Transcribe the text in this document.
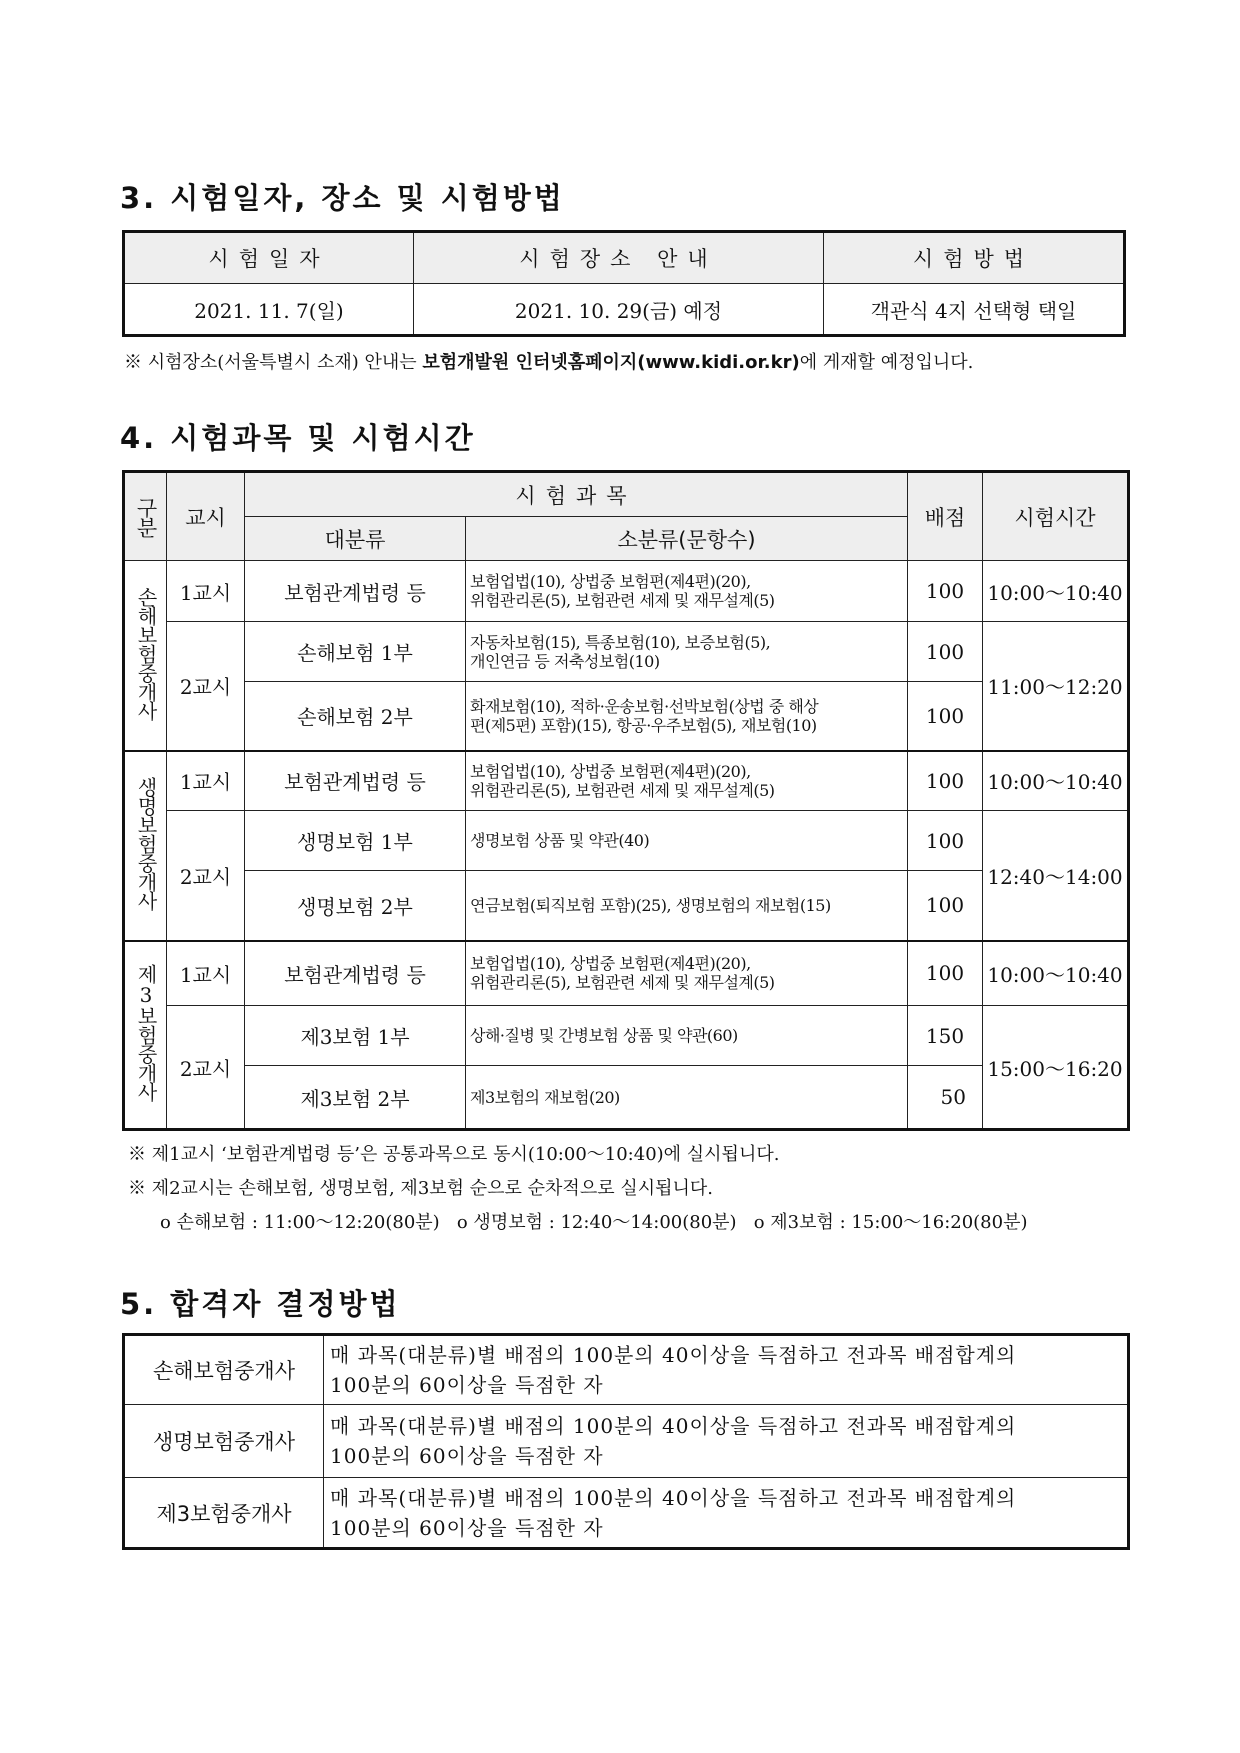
3. 시험일자, 장소 및 시험방법
시험일자	시험장소 안내	시험방법
2021. 11. 7(일)	2021. 10. 29(금) 예정	객관식 4지 선택형 택일
※ 시험장소(서울특별시 소재) 안내는 보험개발원 인터넷홈페이지(www.kidi.or.kr)에 게재할 예정입니다.
4. 시험과목 및 시험시간
구분	교시	시험과목		배점	시험시간
		대분류	소분류(문항수)		
손해보험중개사	1교시	보험관계법령 등	보험업법(10), 상법중 보험편(제4편)(20),
위험관리론(5), 보험관련 세제 및 재무설계(5)	100	10:00～10:40
	2교시	손해보험 1부	자동차보험(15), 특종보험(10), 보증보험(5),
개인연금 등 저축성보험(10)	100	11:00～12:20
		손해보험 2부	화재보험(10), 적하·운송보험·선박보험(상법 중 해상
편(제5편) 포함)(15), 항공·우주보험(5), 재보험(10)	100	
생명보험중개사	1교시	보험관계법령 등	보험업법(10), 상법중 보험편(제4편)(20),
위험관리론(5), 보험관련 세제 및 재무설계(5)	100	10:00～10:40
	2교시	생명보험 1부	생명보험 상품 및 약관(40)	100	12:40～14:00
		생명보험 2부	연금보험(퇴직보험 포함)(25), 생명보험의 재보험(15)	100	
제3보험중개사	1교시	보험관계법령 등	보험업법(10), 상법중 보험편(제4편)(20),
위험관리론(5), 보험관련 세제 및 재무설계(5)	100	10:00～10:40
	2교시	제3보험 1부	상해·질병 및 간병보험 상품 및 약관(60)	150	15:00～16:20
		제3보험 2부	제3보험의 재보험(20)	50	
※ 제1교시 ‘보험관계법령 등’은 공통과목으로 동시(10:00～10:40)에 실시됩니다.
※ 제2교시는 손해보험, 생명보험, 제3보험 순으로 순차적으로 실시됩니다.
o 손해보험 : 11:00～12:20(80분)   o 생명보험 : 12:40～14:00(80분)   o 제3보험 : 15:00～16:20(80분)
5. 합격자 결정방법
손해보험중개사	매 과목(대분류)별 배점의 100분의 40이상을 득점하고 전과목 배점합계의
100분의 60이상을 득점한 자

생명보험중개사	매 과목(대분류)별 배점의 100분의 40이상을 득점하고 전과목 배점합계의
100분의 60이상을 득점한 자

제3보험중개사	매 과목(대분류)별 배점의 100분의 40이상을 득점하고 전과목 배점합계의
100분의 60이상을 득점한 자
